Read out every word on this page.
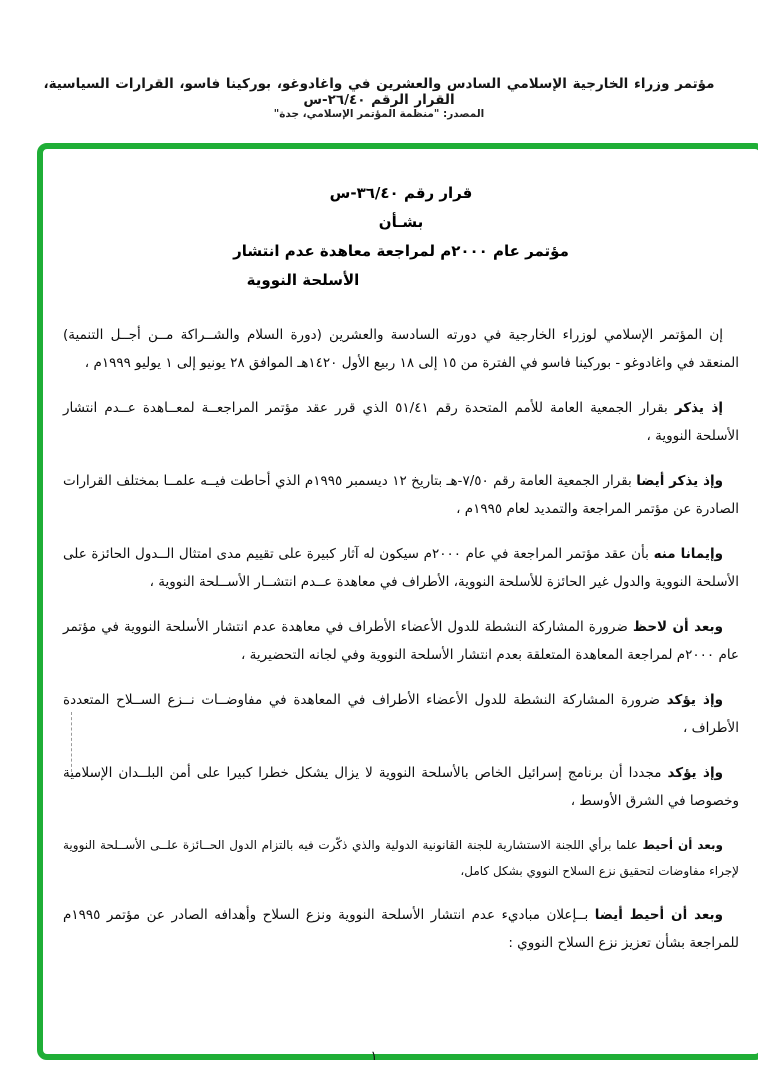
مؤتمر وزراء الخارجية الإسلامي السادس والعشرين في واغادوغو، بوركينا فاسو، القرارات السياسية، القرار الرقم ٢٦/٤٠-س
المصدر: "منظمة المؤتمر الإسلامي، جدة"
قرار رقم ٣٦/٤٠-س
بشـأن
مؤتمر عام ٢٠٠٠م لمراجعة معاهدة عدم انتشار
الأسلحة النووية

إن المؤتمر الإسلامي لوزراء الخارجية في دورته السادسة والعشرين (دورة السلام والشــراكة مــن أجــل التنمية) المنعقد في واغادوغو - بوركينا فاسو في الفترة من ١٥ إلى ١٨ ربيع الأول ١٤٢٠هـ الموافق ٢٨ يونيو إلى ١ يوليو ١٩٩٩م ،

إذ يذكر بقرار الجمعية العامة للأمم المتحدة رقم ٥١/٤١ الذي قرر عقد مؤتمر المراجعــة لمعــاهدة عــدم انتشار الأسلحة النووية ،

وإذ يذكر أيضا بقرار الجمعية العامة رقم ٧/٥٠-هـ بتاريخ ١٢ ديسمبر ١٩٩٥م الذي أحاطت فيــه علمــا بمختلف القرارات الصادرة عن مؤتمر المراجعة والتمديد لعام ١٩٩٥م ،

وإيمانا منه بأن عقد مؤتمر المراجعة في عام ٢٠٠٠م سيكون له آثار كبيرة على تقييم مدى امتثال الــدول الحائزة على الأسلحة النووية والدول غير الحائزة للأسلحة النووية، الأطراف في معاهدة عــدم انتشــار الأســلحة النووية ،

وبعد أن لاحظ ضرورة المشاركة النشطة للدول الأعضاء الأطراف في معاهدة عدم انتشار الأسلحة النووية في مؤتمر عام ٢٠٠٠م لمراجعة المعاهدة المتعلقة بعدم انتشار الأسلحة النووية وفي لجانه التحضيرية ،

وإذ يؤكد ضرورة المشاركة النشطة للدول الأعضاء الأطراف في المعاهدة في مفاوضــات نــزع الســلاح المتعددة الأطراف ،

وإذ يؤكد مجددا أن برنامج إسرائيل الخاص بالأسلحة النووية لا يزال يشكل خطرا كبيرا على أمن البلــدان الإسلامية وخصوصا في الشرق الأوسط ،

وبعد أن أحيط علما برأي اللجنة الاستشارية للجنة القانونية الدولية والذي ذكّرت فيه بالتزام الدول الحــائزة علــى الأســلحة النووية لإجراء مفاوضات لتحقيق نزع السلاح النووي بشكل كامل،

وبعد أن أحيط أيضا بــإعلان مباديء عدم انتشار الأسلحة النووية ونزع السلاح وأهدافه الصادر عن مؤتمر ١٩٩٥م للمراجعة بشأن تعزيز نزع السلاح النووي :

١
